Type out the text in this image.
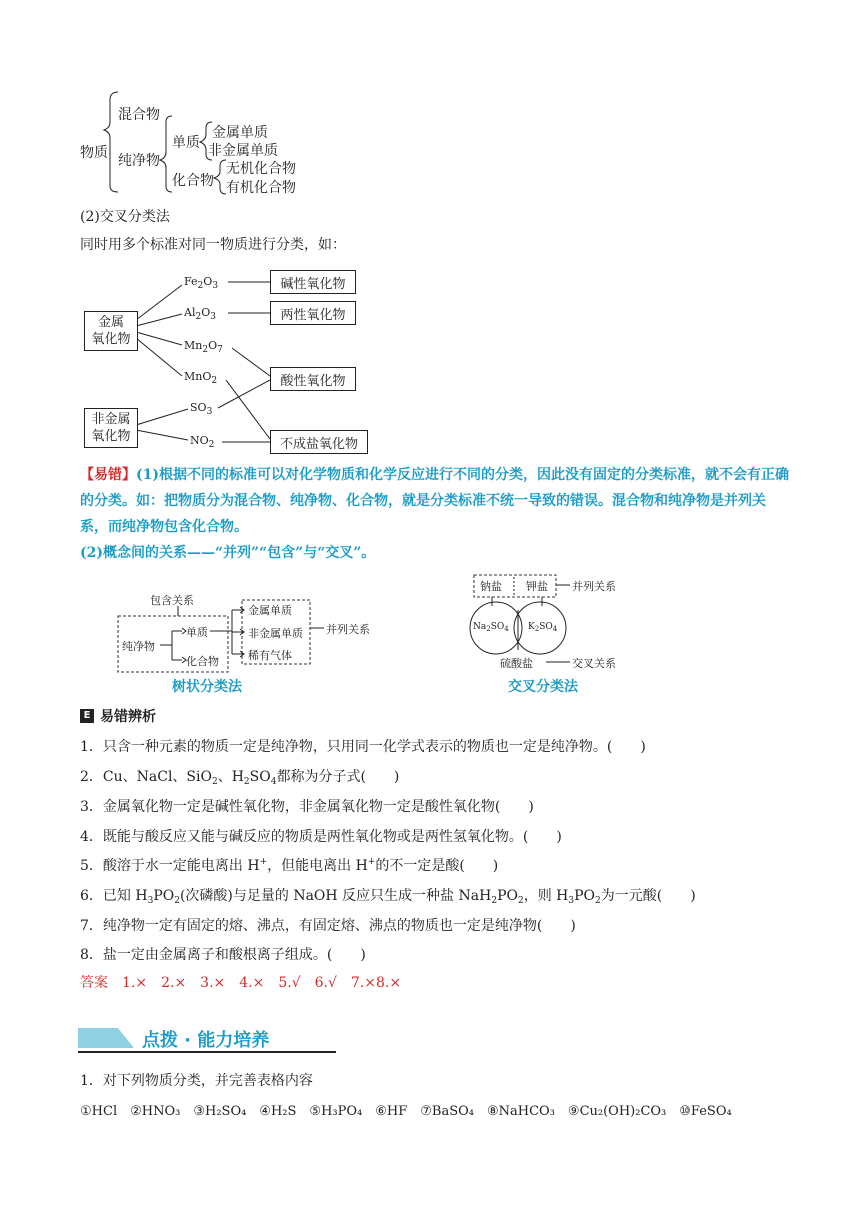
物质
混合物
纯净物
单质
化合物
金属单质
非金属单质
无机化合物
有机化合物
(2)交叉分类法
同时用多个标准对同一物质进行分类，如：
金属
氧化物
非金属
氧化物
$Fe_2O_3$
$Al_2O_3$
$Mn_2O_7$
MnO$_2$
$SO_3$
$NO_2$
碱性氧化物
两性氧化物
酸性氧化物
不成盐氧化物
【易错】(1)根据不同的标准可以对化学物质和化学反应进行不同的分类，因此没有固定的分类标准，就不会有正确的分类。如：把物质分为混合物、纯净物、化合物，就是分类标准不统一导致的错误。混合物和纯净物是并列关系，而纯净物包含化合物。
(2)概念间的关系——“并列”“包含”与“交叉”。
包含关系
纯净物
单质
化合物
金属单质
非金属单质
稀有气体
并列关系
树状分类法
钠盐 钾盐 并列关系
$Na_2SO_4$ $K_2SO_4$
硫酸盐	交叉关系
交叉分类法
E 易错辨析
1．只含一种元素的物质一定是纯净物，只用同一化学式表示的物质也一定是纯净物。(　　)
2．Cu、NaCl、SiO$_2$、$H_2SO_4$都称为分子式(　　)
3．金属氧化物一定是碱性氧化物，非金属氧化物一定是酸性氧化物(　　)
4．既能与酸反应又能与碱反应的物质是两性氧化物或是两性氢氧化物。(　　)
5．酸溶于水一定能电离出 H+，但能电离出 H+的不一定是酸(　　)
6．已知 $H_3PO_2$(次磷酸)与足量的 NaOH 反应只生成一种盐 $NaH_2PO_2$，则 $H_3PO_2$为一元酸(　　)
7．纯净物一定有固定的熔、沸点，有固定熔、沸点的物质也一定是纯净物(　　)
8．盐一定由金属离子和酸根离子组成。(　　)
答案　1.×　2.×　3.×　4.×　5.√　6.√　7.×8.×
点拨 · 能力培养
1．对下列物质分类，并完善表格内容
①HCl　②HNO₃　③H₂SO₄　④H₂S　⑤H₃PO₄　⑥HF　⑦BaSO₄　⑧NaHCO₃　⑨Cu₂(OH)₂CO₃　⑩FeSO₄
